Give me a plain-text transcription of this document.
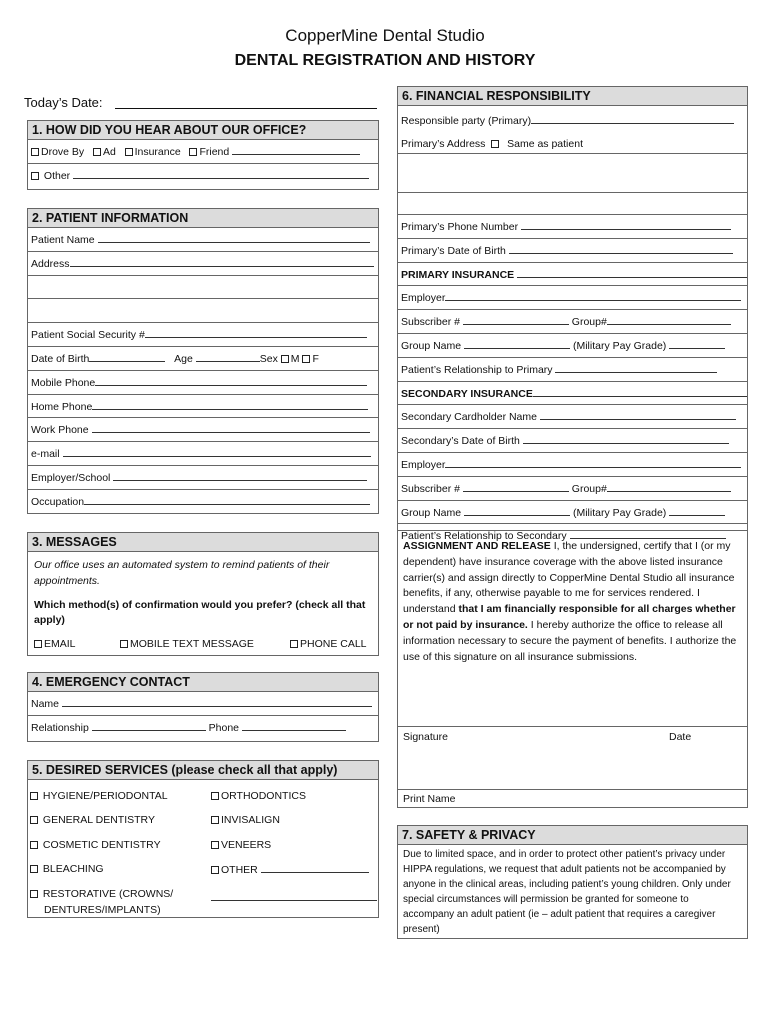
CopperMine Dental Studio
DENTAL REGISTRATION AND HISTORY
Today’s Date:
1. HOW DID YOU HEAR ABOUT OUR OFFICE?
Drove By Ad Insurance Friend
Other
2. PATIENT INFORMATION
Patient Name
Address
Patient Social Security #
Date of Birth	Age	Sex M F
Mobile Phone
Home Phone
Work Phone
e-mail
Employer/School
Occupation
3. MESSAGES
Our office uses an automated system to remind patients of their appointments.
Which method(s) of confirmation would you prefer? (check all that apply)
EMAIL	MOBILE TEXT MESSAGE	PHONE CALL
4. EMERGENCY CONTACT
Name
Relationship	Phone
5. DESIRED SERVICES (please check all that apply)
HYGIENE/PERIODONTAL
GENERAL DENTISTRY
COSMETIC DENTISTRY
BLEACHING
RESTORATIVE (CROWNS/
DENTURES/IMPLANTS)
ORTHODONTICS
INVISALIGN
VENEERS
OTHER
6. FINANCIAL RESPONSIBILITY
Responsible party (Primary)
Primary’s Address Same as patient
Primary’s Phone Number
Primary’s Date of Birth
PRIMARY INSURANCE
Employer
Subscriber #	Group#
Group Name	(Military Pay Grade)
Patient’s Relationship to Primary
SECONDARY INSURANCE
Secondary Cardholder Name
Secondary’s Date of Birth
Employer
Subscriber #	Group#
Group Name	(Military Pay Grade)
Patient’s Relationship to Secondary
ASSIGNMENT AND RELEASE I, the undersigned, certify that I (or my dependent) have insurance coverage with the above listed insurance carrier(s) and assign directly to CopperMine Dental Studio all insurance benefits, if any, otherwise payable to me for services rendered. I understand that I am financially responsible for all charges whether or not paid by insurance. I hereby authorize the office to release all information necessary to secure the payment of benefits. I authorize the use of this signature on all insurance submissions.
Signature	Date
Print Name
7. SAFETY & PRIVACY
Due to limited space, and in order to protect other patient’s privacy under HIPPA regulations, we request that adult patients not be accompanied by anyone in the clinical areas, including patient’s young children. Only under special circumstances will permission be granted for someone to accompany an adult patient (ie – adult patient that requires a caregiver present)
